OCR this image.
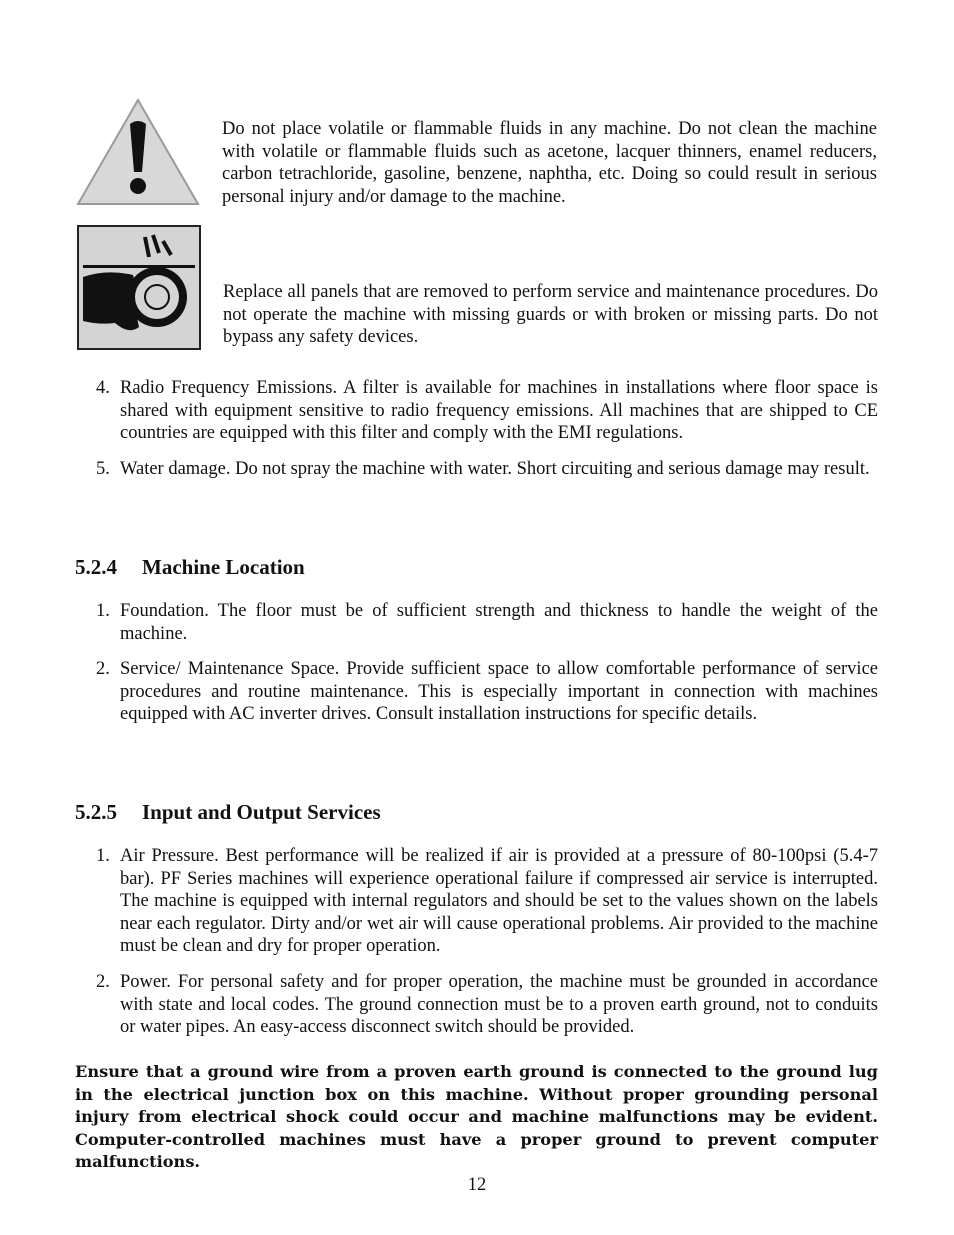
Do not place volatile or flammable fluids in any machine. Do not clean the machine with volatile or flammable fluids such as acetone, lacquer thinners, enamel reducers, carbon tetrachloride, gasoline, benzene, naphtha, etc. Doing so could result in serious personal injury and/or damage to the machine.
Replace all panels that are removed to perform service and maintenance procedures. Do not operate the machine with missing guards or with broken or missing parts. Do not bypass any safety devices.
4. Radio Frequency Emissions. A filter is available for machines in installations where floor space is shared with equipment sensitive to radio frequency emissions. All machines that are shipped to CE countries are equipped with this filter and comply with the EMI regulations.
5. Water damage. Do not spray the machine with water. Short circuiting and serious damage may result.
5.2.4 Machine Location
1. Foundation. The floor must be of sufficient strength and thickness to handle the weight of the machine.
2. Service/ Maintenance Space. Provide sufficient space to allow comfortable performance of service procedures and routine maintenance. This is especially important in connection with machines equipped with AC inverter drives. Consult installation instructions for specific details.
5.2.5 Input and Output Services
1. Air Pressure. Best performance will be realized if air is provided at a pressure of 80-100psi (5.4-7 bar). PF Series machines will experience operational failure if compressed air service is interrupted. The machine is equipped with internal regulators and should be set to the values shown on the labels near each regulator. Dirty and/or wet air will cause operational problems. Air provided to the machine must be clean and dry for proper operation.
2. Power. For personal safety and for proper operation, the machine must be grounded in accordance with state and local codes. The ground connection must be to a proven earth ground, not to conduits or water pipes. An easy-access disconnect switch should be provided.
Ensure that a ground wire from a proven earth ground is connected to the ground lug in the electrical junction box on this machine. Without proper grounding personal injury from electrical shock could occur and machine malfunctions may be evident. Computer-controlled machines must have a proper ground to prevent computer malfunctions.
12
